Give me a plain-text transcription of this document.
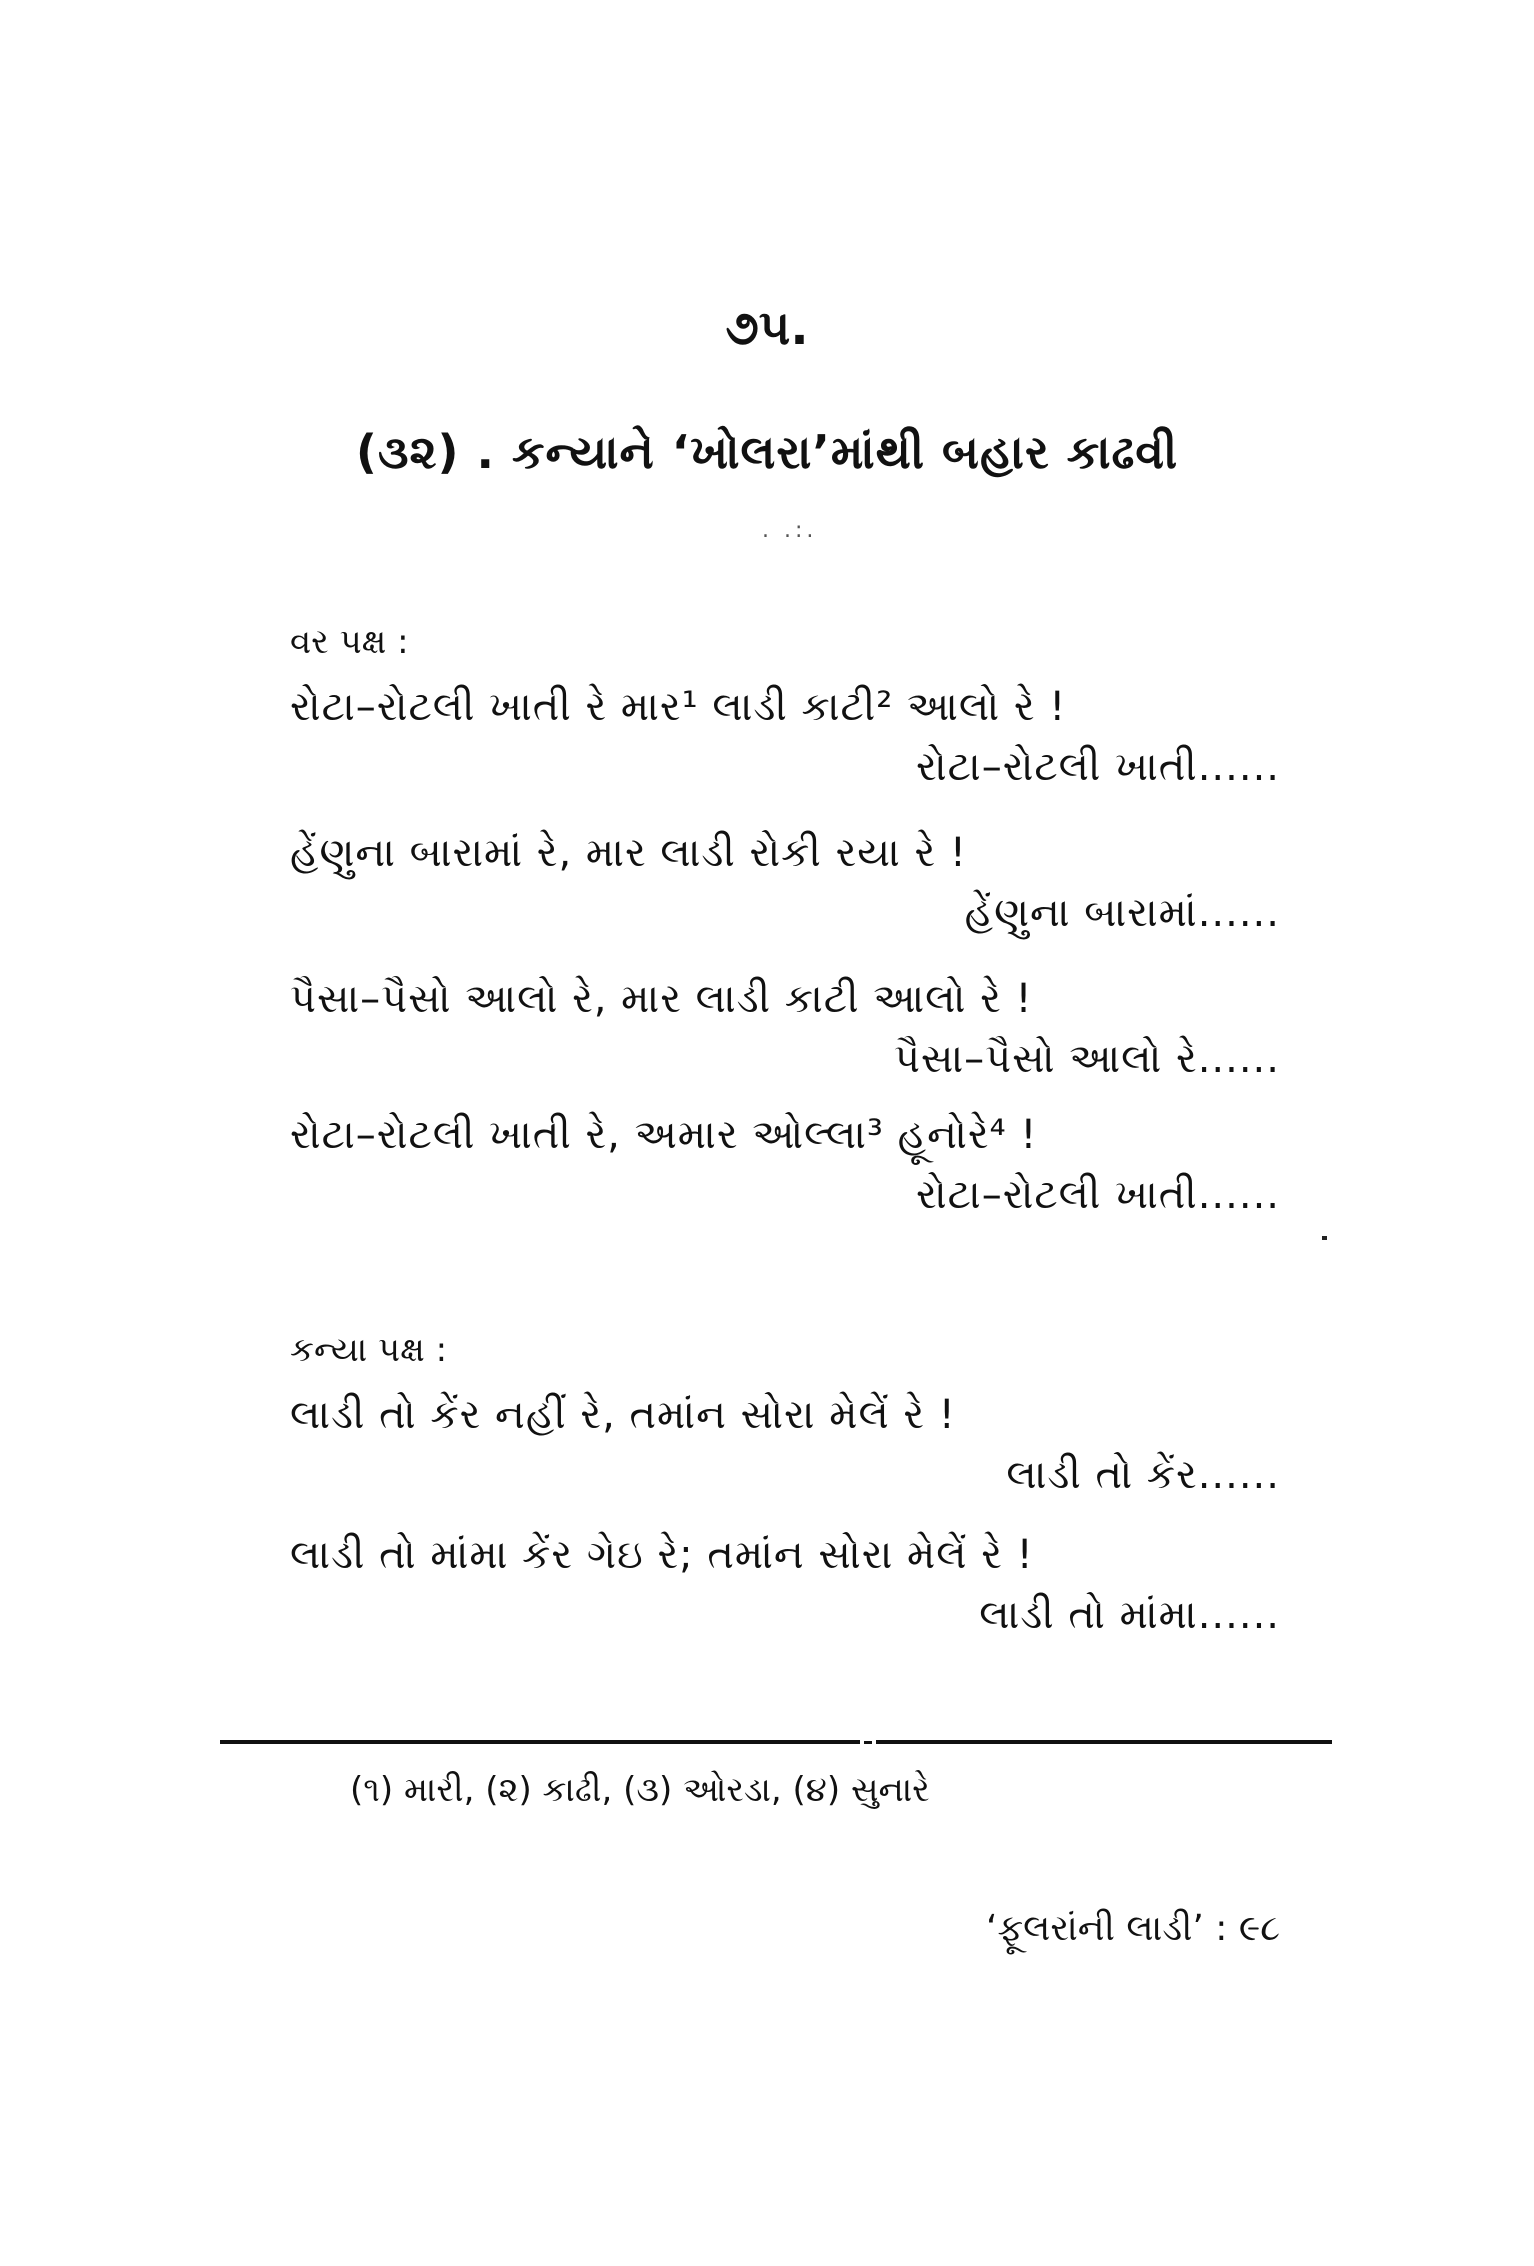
૭૫.
(૩૨) . કન્યાને ‘ખોલરા’માંથી બહાર કાઢવી
. .:.
વર પક્ષ :
રોટા–રોટલી ખાતી રે માર¹ લાડી કાટી² આલો રે !
રોટા–રોટલી ખાતી......
હેંણુના બારામાં રે, માર લાડી રોકી રયા રે !
હેંણુના બારામાં......
પૈસા–પૈસો આલો રે, માર લાડી કાટી આલો રે !
પૈસા–પૈસો આલો રે......
રોટા–રોટલી ખાતી રે, અમાર ઓલ્લા³ હૂનોરે⁴ !
રોટા–રોટલી ખાતી......
કન્યા પક્ષ :
લાડી તો કેંર નહીં રે, તમાંન સોરા મેલેં રે !
લાડી તો કેંર......
લાડી તો માંમા કેંર ગેઇ રે; તમાંન સોરા મેલેં રે !
લાડી તો માંમા......
(૧) મારી, (૨) કાઢી, (૩) ઓરડા, (૪) સુનારે
‘ફૂલરાંની લાડી’ : ૯૮
